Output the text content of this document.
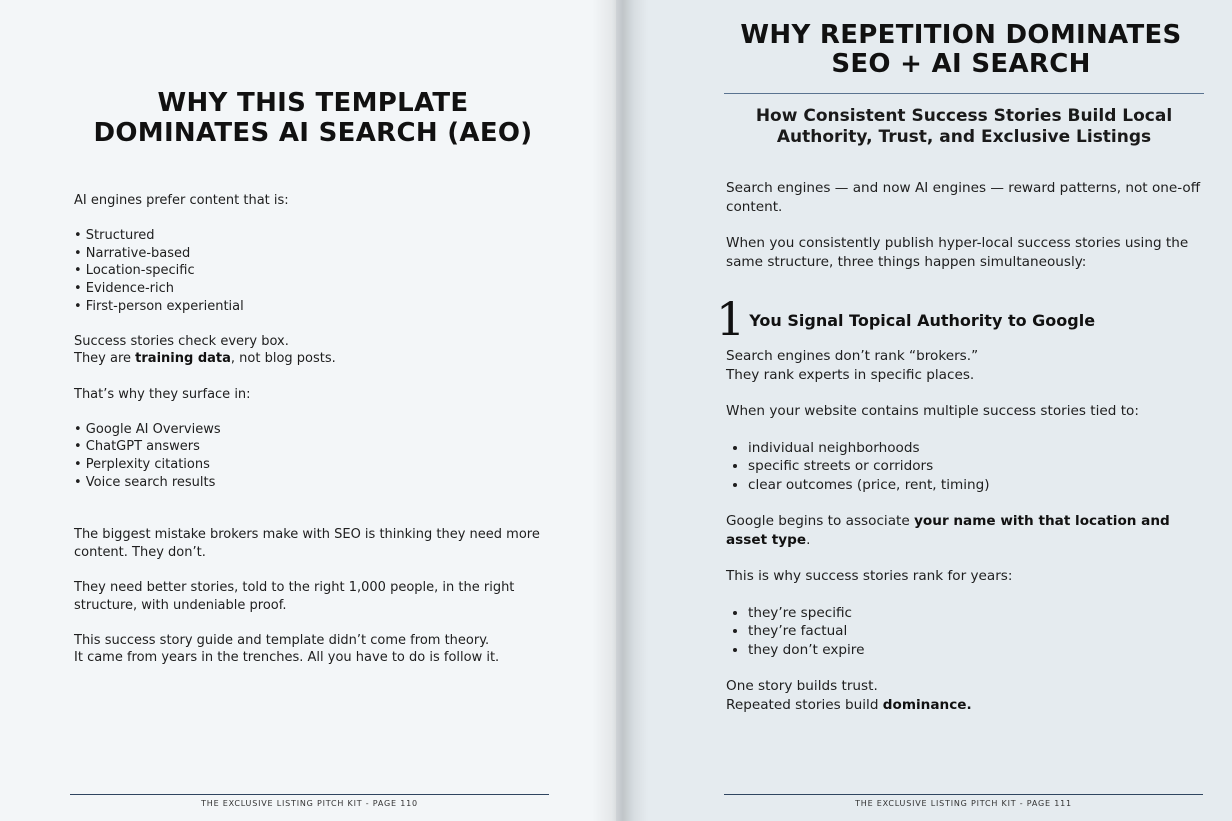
WHY THIS TEMPLATE
DOMINATES AI SEARCH (AEO)

AI engines prefer content that is:

• Structured
• Narrative-based
• Location-specific
• Evidence-rich
• First-person experiential

Success stories check every box.

They are training data, not blog posts.

That’s why they surface in:

• Google AI Overviews
• ChatGPT answers
• Perplexity citations
• Voice search results

The biggest mistake brokers make with SEO is thinking they need more content. They don’t.

They need better stories, told to the right 1,000 people, in the right structure, with undeniable proof.

This success story guide and template didn’t come from theory.

It came from years in the trenches. All you have to do is follow it.

THE EXCLUSIVE LISTING PITCH KIT - PAGE 110
WHY REPETITION DOMINATES
SEO + AI SEARCH
How Consistent Success Stories Build Local
Authority, Trust, and Exclusive Listings

Search engines — and now AI engines — reward patterns, not one-off content.

When you consistently publish hyper-local success stories using the same structure, three things happen simultaneously:

1 You Signal Topical Authority to Google

Search engines don’t rank “brokers.”

They rank experts in specific places.

When your website contains multiple success stories tied to:

• individual neighborhoods
• specific streets or corridors
• clear outcomes (price, rent, timing)

Google begins to associate your name with that location and asset type.

This is why success stories rank for years:

• they’re specific
• they’re factual
• they don’t expire

One story builds trust.

Repeated stories build dominance.

THE EXCLUSIVE LISTING PITCH KIT - PAGE 111
